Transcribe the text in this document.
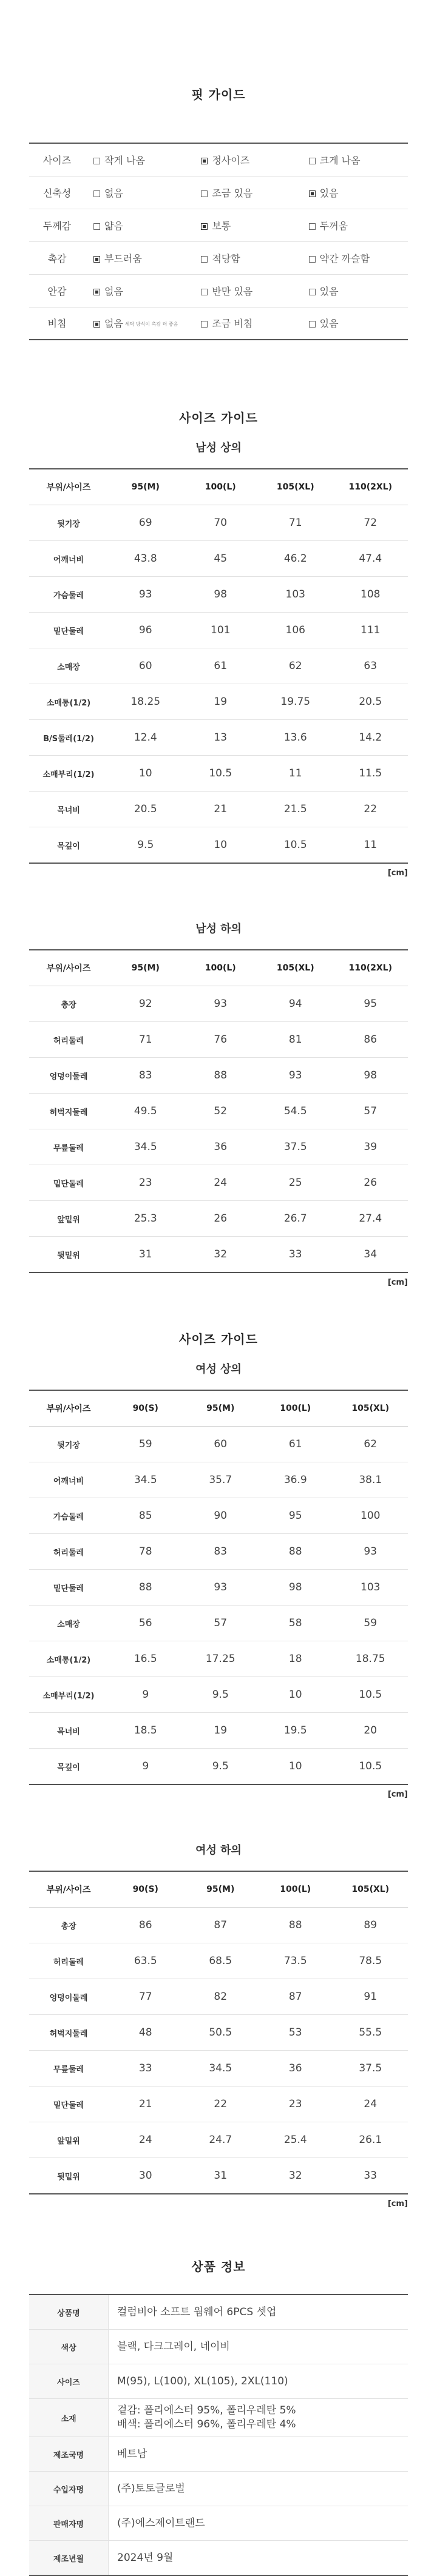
핏 가이드
사이즈	작게 나옴	정사이즈	크게 나옴
신축성	없음	조금 있음	있음
두께감	얇음	보통	두꺼움
촉감	부드러움	적당함	약간 까슬함
안감	없음	반만 있음	있음
비침	없음 세탁 방식이 촉감 더 좋음	조금 비침	있음
사이즈 가이드
남성 상의
부위/사이즈	95(M)	100(L)	105(XL)	110(2XL)
뒷기장	69	70	71	72
어깨너비	43.8	45	46.2	47.4
가슴둘레	93	98	103	108
밑단둘레	96	101	106	111
소매장	60	61	62	63
소매통(1/2)	18.25	19	19.75	20.5
B/S둘레(1/2)	12.4	13	13.6	14.2
소매부리(1/2)	10	10.5	11	11.5
목너비	20.5	21	21.5	22
목깊이	9.5	10	10.5	11
[cm]
남성 하의
부위/사이즈	95(M)	100(L)	105(XL)	110(2XL)
총장	92	93	94	95
허리둘레	71	76	81	86
엉덩이둘레	83	88	93	98
허벅지둘레	49.5	52	54.5	57
무릎둘레	34.5	36	37.5	39
밑단둘레	23	24	25	26
앞밑위	25.3	26	26.7	27.4
뒷밑위	31	32	33	34
[cm]
사이즈 가이드
여성 상의
부위/사이즈	90(S)	95(M)	100(L)	105(XL)
뒷기장	59	60	61	62
어깨너비	34.5	35.7	36.9	38.1
가슴둘레	85	90	95	100
허리둘레	78	83	88	93
밑단둘레	88	93	98	103
소매장	56	57	58	59
소매통(1/2)	16.5	17.25	18	18.75
소매부리(1/2)	9	9.5	10	10.5
목너비	18.5	19	19.5	20
목깊이	9	9.5	10	10.5
[cm]
여성 하의
부위/사이즈	90(S)	95(M)	100(L)	105(XL)
총장	86	87	88	89
허리둘레	63.5	68.5	73.5	78.5
엉덩이둘레	77	82	87	91
허벅지둘레	48	50.5	53	55.5
무릎둘레	33	34.5	36	37.5
밑단둘레	21	22	23	24
앞밑위	24	24.7	25.4	26.1
뒷밑위	30	31	32	33
[cm]
상품 정보
상품명	컬럼비아 소프트 웜웨어 6PCS 셋업

색상	블랙, 다크그레이, 네이비

사이즈	M(95), L(100), XL(105), 2XL(110)

소재	겉감: 폴리에스터 95%, 폴리우레탄 5%
배색: 폴리에스터 96%, 폴리우레탄 4%

제조국명	베트남

수입자명	(주)토토글로벌

판매자명	(주)에스제이트랜드

제조년월	2024년 9월
